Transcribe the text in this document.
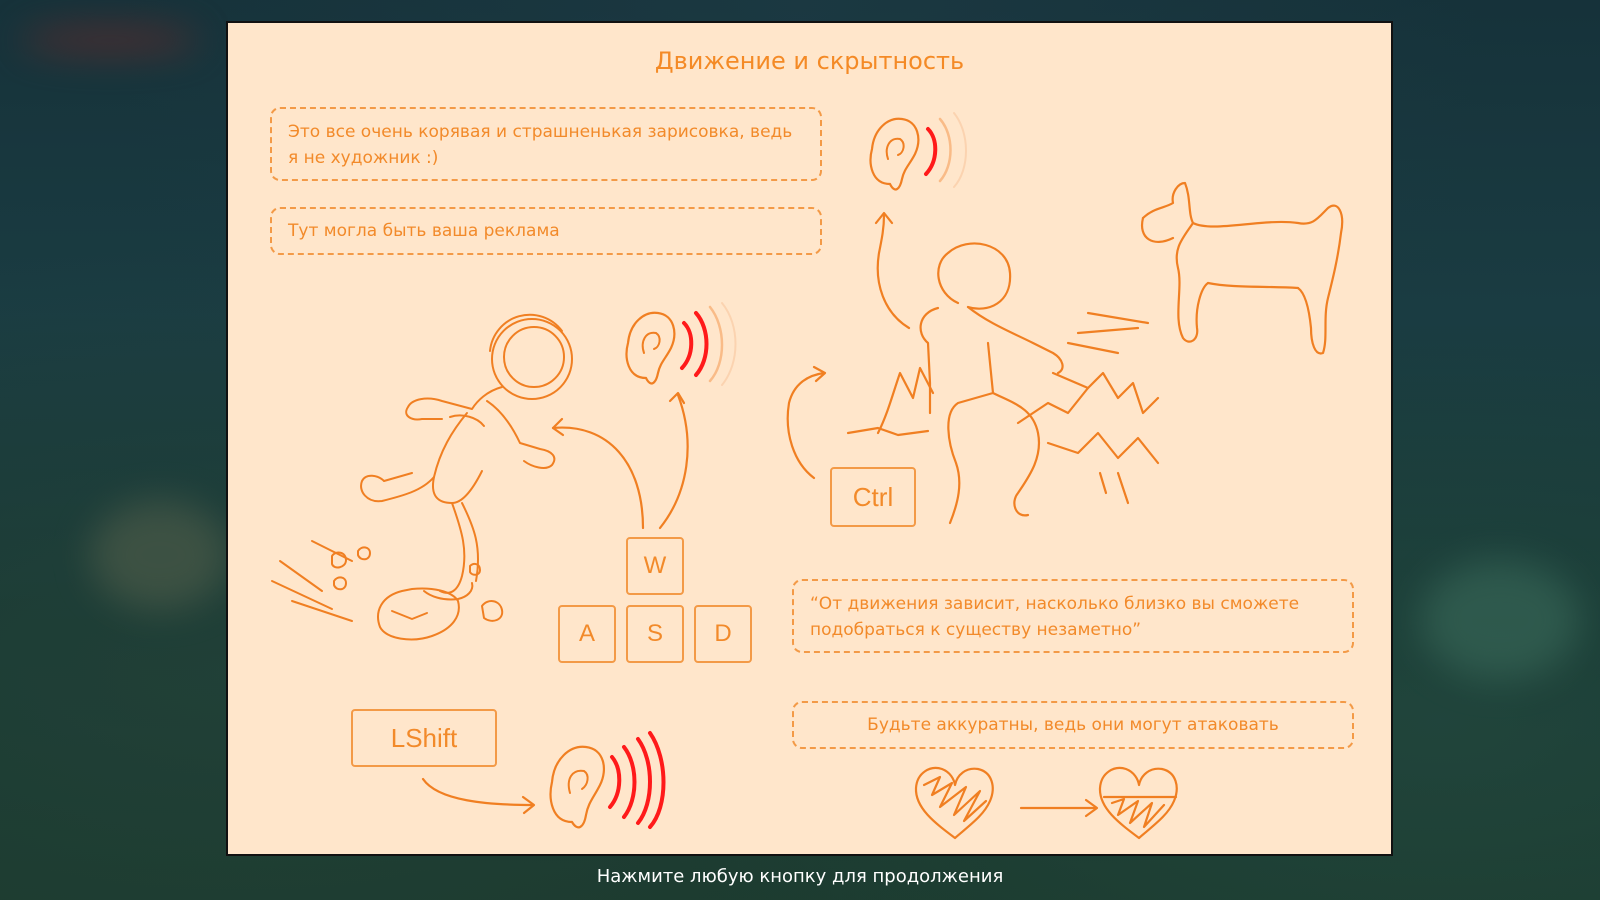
Движение и скрытность
Это все очень корявая и страшненькая зарисовка, ведь я не художник :)
Тут могла быть ваша реклама
“От движения зависит, насколько близко вы сможете подобраться к существу незаметно”
Будьте аккуратны, ведь они могут атаковать
W
A	S	D
LShift
Ctrl
Нажмите любую кнопку для продолжения
